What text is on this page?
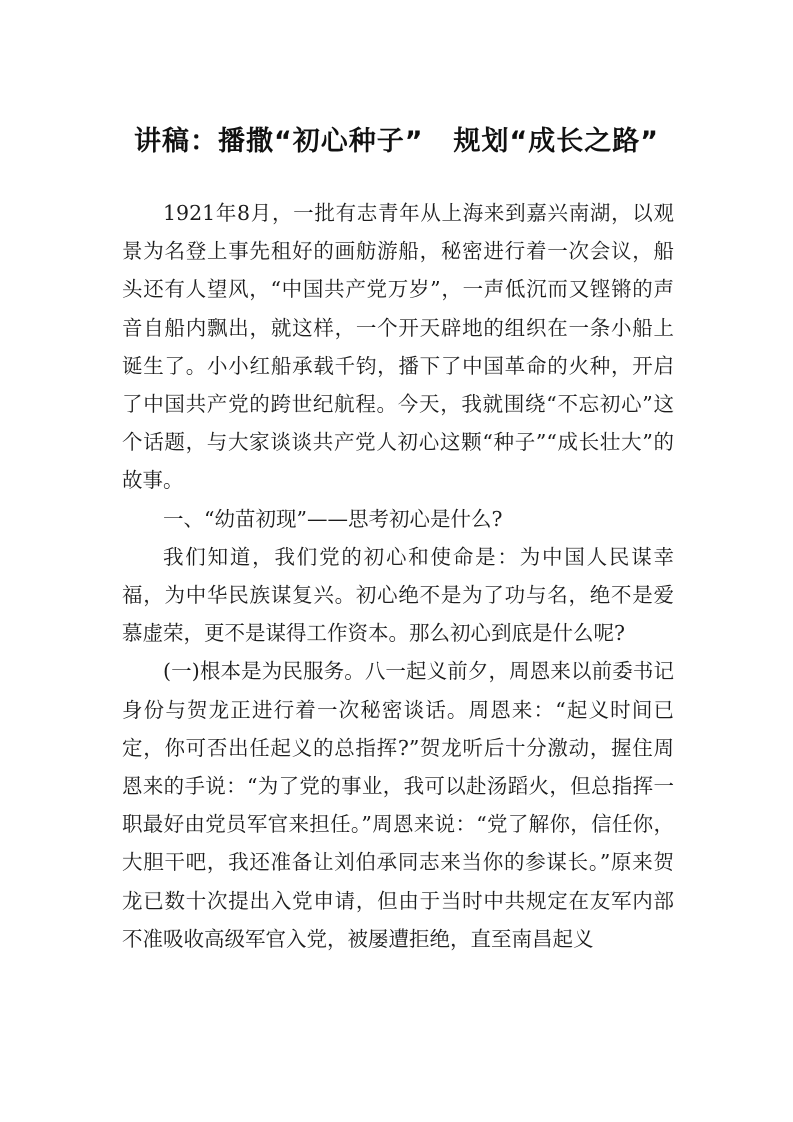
讲稿：播撒“初心种子” 规划“成长之路”

1921年8月，一批有志青年从上海来到嘉兴南湖，以观景为名登上事先租好的画舫游船，秘密进行着一次会议，船头还有人望风，“中国共产党万岁”，一声低沉而又铿锵的声音自船内飘出，就这样，一个开天辟地的组织在一条小船上诞生了。小小红船承载千钧，播下了中国革命的火种，开启了中国共产党的跨世纪航程。今天，我就围绕“不忘初心”这个话题，与大家谈谈共产党人初心这颗“种子”“成长壮大”的故事。

一、“幼苗初现”——思考初心是什么?

我们知道，我们党的初心和使命是：为中国人民谋幸福，为中华民族谋复兴。初心绝不是为了功与名，绝不是爱慕虚荣，更不是谋得工作资本。那么初心到底是什么呢?

(一)根本是为民服务。八一起义前夕，周恩来以前委书记身份与贺龙正进行着一次秘密谈话。周恩来：“起义时间已定，你可否出任起义的总指挥?”贺龙听后十分激动，握住周恩来的手说：“为了党的事业，我可以赴汤蹈火，但总指挥一职最好由党员军官来担任。”周恩来说：“党了解你，信任你，大胆干吧，我还准备让刘伯承同志来当你的参谋长。”原来贺龙已数十次提出入党申请，但由于当时中共规定在友军内部不准吸收高级军官入党，被屡遭拒绝，直至南昌起义
